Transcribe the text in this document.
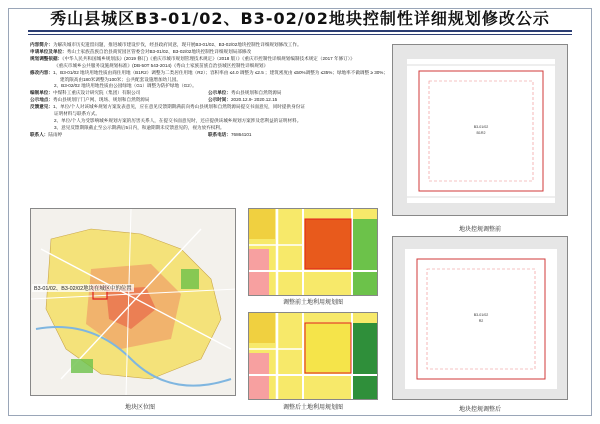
秀山县城区B3-01/02、B3-02/02地块控制性详细规划修改公示
内容简介：为解决城市历史遗留问题，推进城市建设步伐，经县政府同意，现开展B3-01/02、B3-02/02地块控制性详细规划修改工作。
申请单位及单位：秀山土家族苗族自治县商贸园区管委会对B3-01/02、B3-02/02地块控制性详细规划局部修改
规划调整依据：《中华人民共和国城乡规划法》(2019 修订)《重庆市城市规划管理技术规定》（2018 版）》《重庆市控制性详细规划编制技术规定（2017 年修订）》
《重庆市城乡公共服务设施规划标准》(DB-50T 543-2014)《秀山土家族苗族自治县城区控制性详细规划》
修改内容：1、B3-01/02 地块用地性质由商住用地（B1R2）调整为二类居住用地（R2）；容积率由 ≤4.0 调整为 ≤2.5 ；建筑密度由 ≤50%调整为 ≤35%；绿地率不做调整 ≥ 30%；
建筑限高由180米调整为100米；公共配套设施增加幼儿园。
2、B3-02/02 地块用地性质由公园绿地（G1）调整为防护绿地（G2）。
编制单位：中煤科工重庆设计研究院（集团）有限公司	公示单位：秀山县规划和自然资源局
公示地点：秀山县规划厅门户网、现场、规划和自然资源局	公示时间：2020.12.9- 2020.12.15
反馈意见：1、单位/个人对该城乡规划方案发表意见，应在意见反馈期期满前向秀山县规划和自然资源局提交书面意见，同时提供身份证
证明材料与联系方式。
2、单位/个人为受影响城乡规划方案的厉害关系人，在提交书面意见时，还应提供该城乡规划方案涉及您利益的证明材料。
3、意见反馈期限截止至公示期满后5日内，和逾期期未反馈意见的，视为放弃权利。
联系人：陆雨婷	联系电话：76864101
B3-01/02、B3-02/02地块在城区中的位置
地块区位图
调整前土地利用规划图
调整后土地利用规划图
B3-01/02
B1R2
地块控规调整前
B3-01/02
R2
地块控规调整后
